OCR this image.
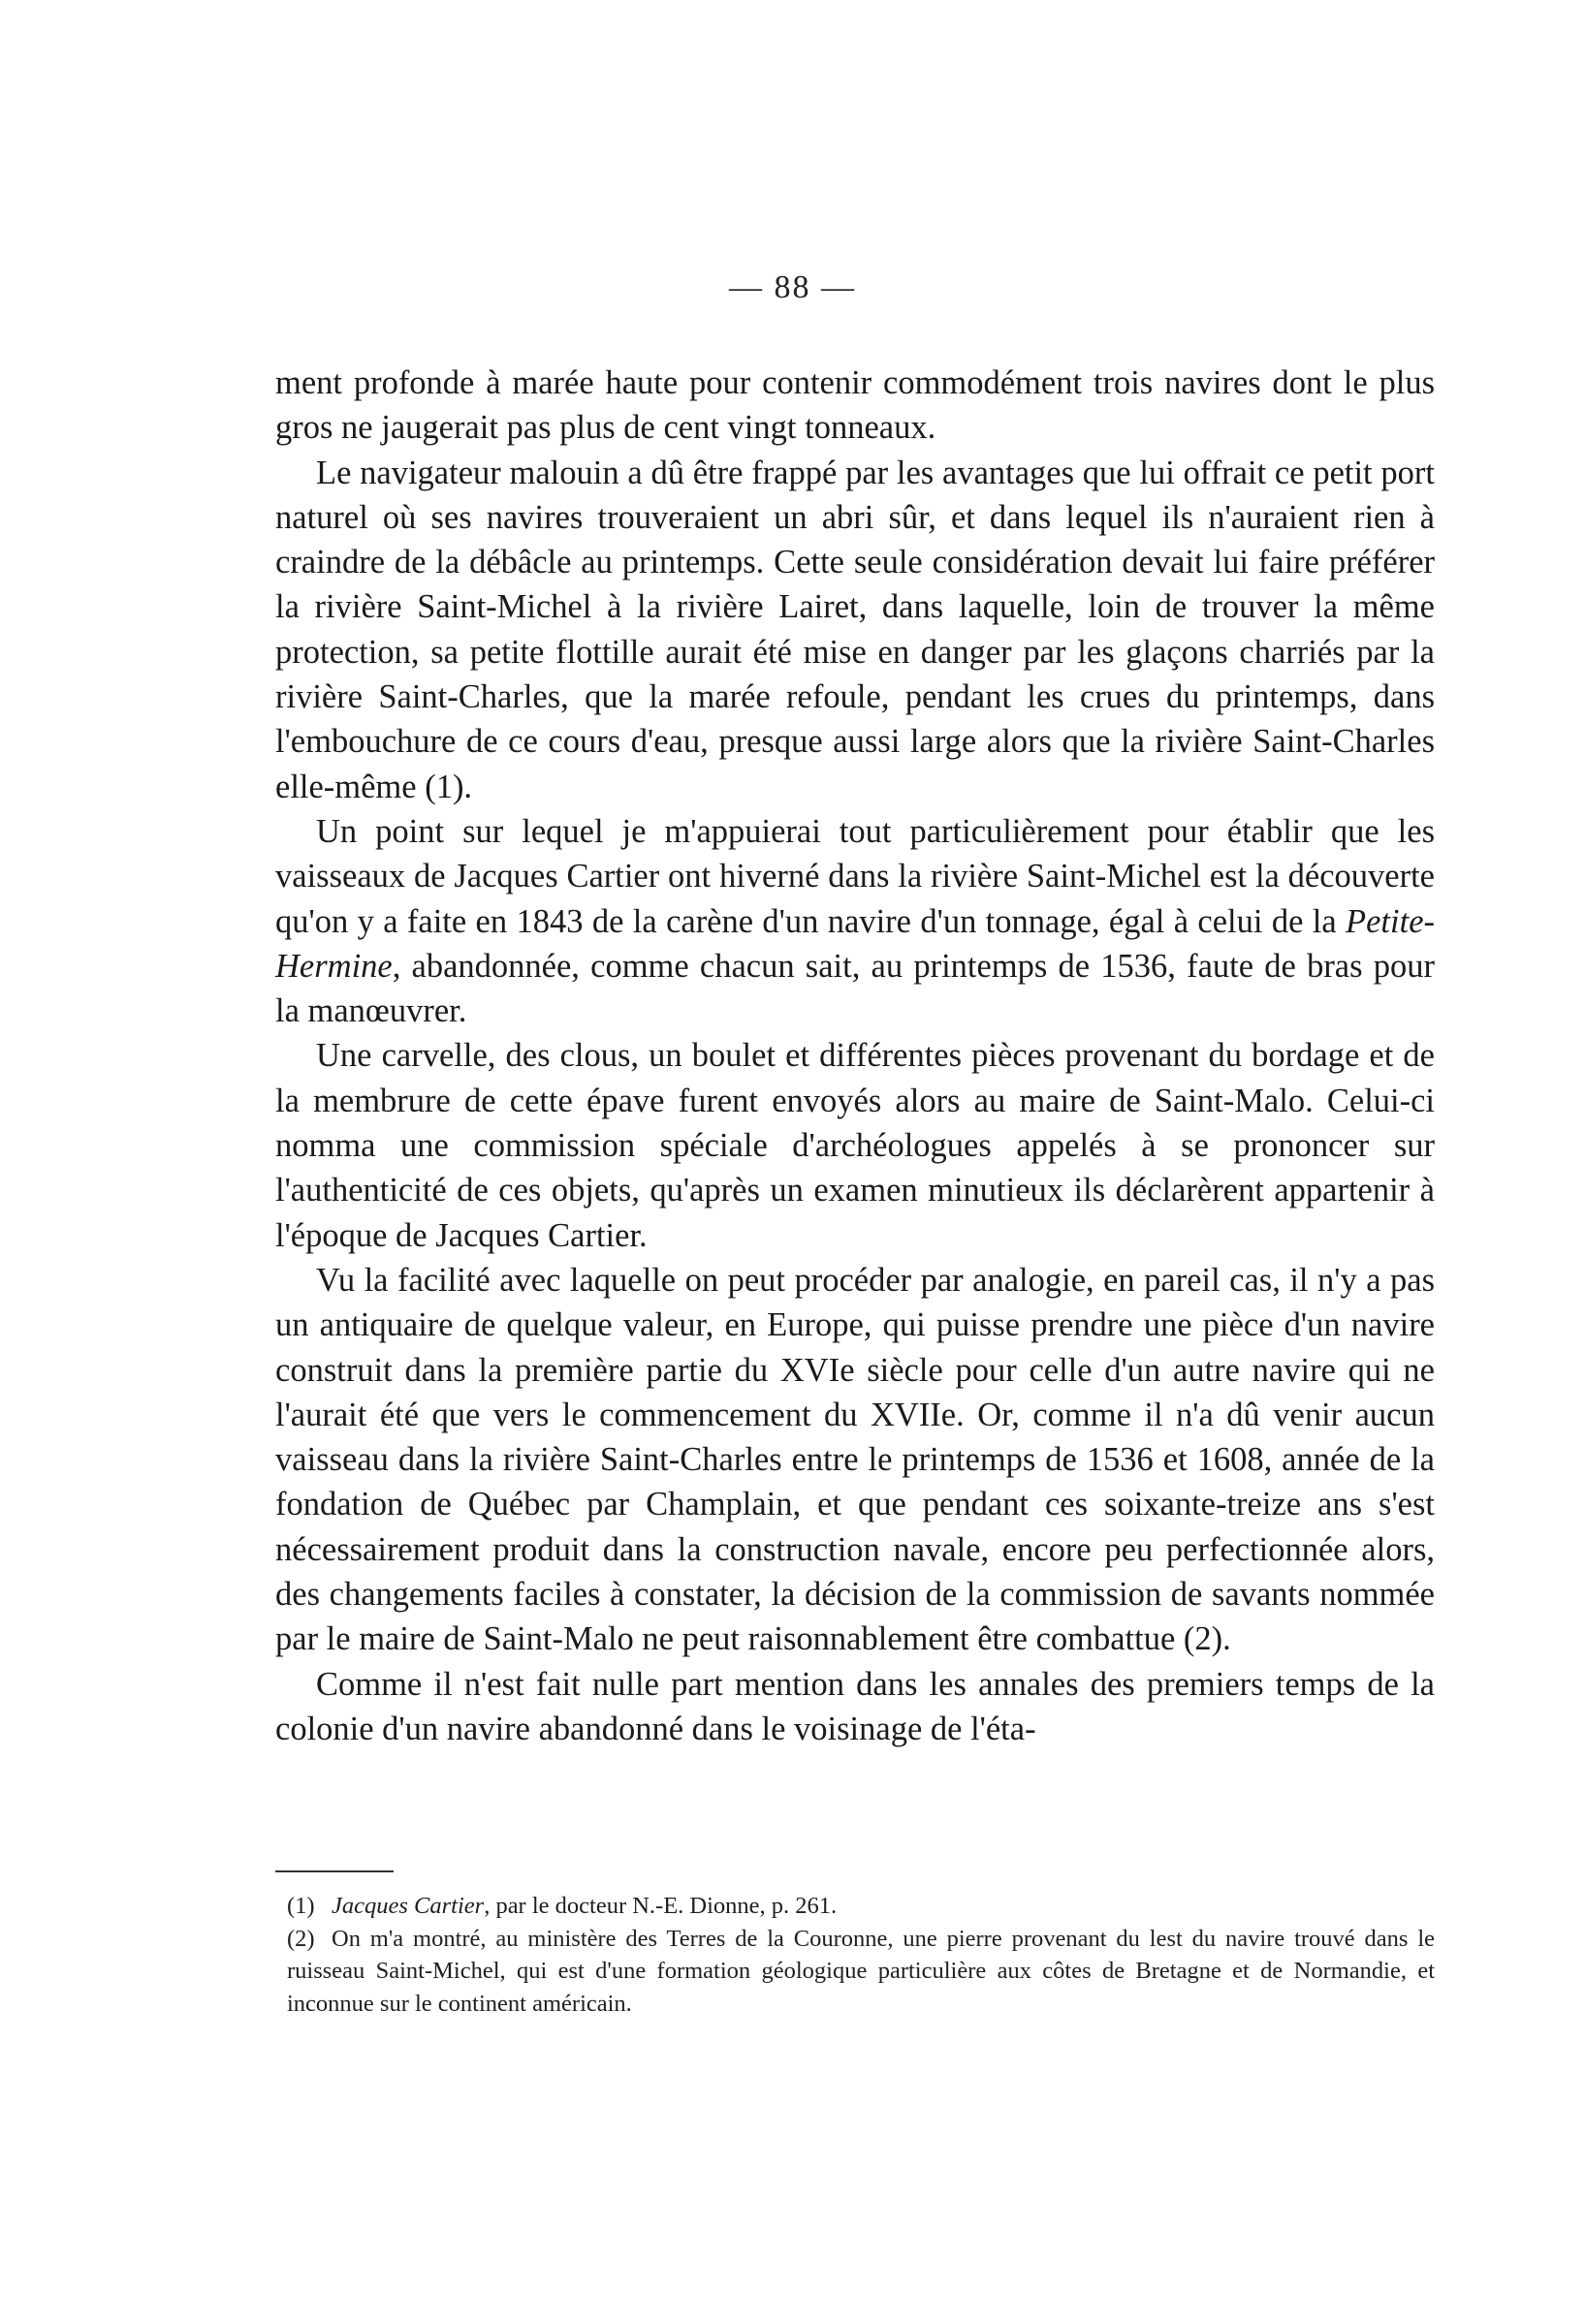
— 88 —

ment profonde à marée haute pour contenir commodément trois navires dont le plus gros ne jaugerait pas plus de cent vingt tonneaux.

Le navigateur malouin a dû être frappé par les avantages que lui offrait ce petit port naturel où ses navires trouveraient un abri sûr, et dans lequel ils n'auraient rien à craindre de la débâcle au printemps. Cette seule considération devait lui faire préférer la rivière Saint-Michel à la rivière Lairet, dans laquelle, loin de trouver la même protection, sa petite flottille aurait été mise en danger par les glaçons charriés par la rivière Saint-Charles, que la marée refoule, pendant les crues du printemps, dans l'embouchure de ce cours d'eau, presque aussi large alors que la rivière Saint-Charles elle-même (1).

Un point sur lequel je m'appuierai tout particulièrement pour établir que les vaisseaux de Jacques Cartier ont hiverné dans la rivière Saint-Michel est la découverte qu'on y a faite en 1843 de la carène d'un navire d'un tonnage, égal à celui de la Petite-Hermine, abandonnée, comme chacun sait, au printemps de 1536, faute de bras pour la manœuvrer.

Une carvelle, des clous, un boulet et différentes pièces provenant du bordage et de la membrure de cette épave furent envoyés alors au maire de Saint-Malo. Celui-ci nomma une commission spéciale d'archéologues appelés à se prononcer sur l'authenticité de ces objets, qu'après un examen minutieux ils déclarèrent appartenir à l'époque de Jacques Cartier.

Vu la facilité avec laquelle on peut procéder par analogie, en pareil cas, il n'y a pas un antiquaire de quelque valeur, en Europe, qui puisse prendre une pièce d'un navire construit dans la première partie du XVIe siècle pour celle d'un autre navire qui ne l'aurait été que vers le commencement du XVIIe. Or, comme il n'a dû venir aucun vaisseau dans la rivière Saint-Charles entre le printemps de 1536 et 1608, année de la fondation de Québec par Champlain, et que pendant ces soixante-treize ans s'est nécessairement produit dans la construction navale, encore peu perfectionnée alors, des changements faciles à constater, la décision de la commission de savants nommée par le maire de Saint-Malo ne peut raisonnablement être combattue (2).

Comme il n'est fait nulle part mention dans les annales des premiers temps de la colonie d'un navire abandonné dans le voisinage de l'éta-

(1) Jacques Cartier, par le docteur N.-E. Dionne, p. 261.

(2) On m'a montré, au ministère des Terres de la Couronne, une pierre provenant du lest du navire trouvé dans le ruisseau Saint-Michel, qui est d'une formation géologique particulière aux côtes de Bretagne et de Normandie, et inconnue sur le continent américain.
